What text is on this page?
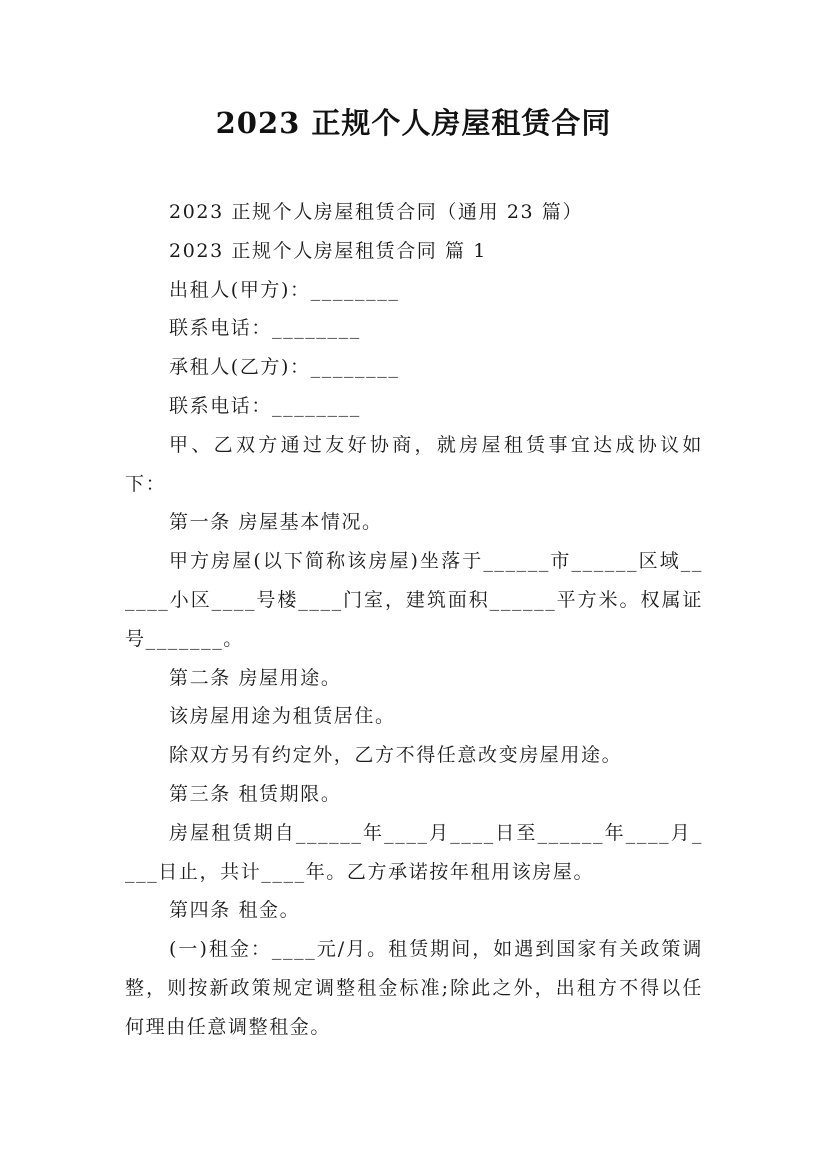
2023 正规个人房屋租赁合同

2023 正规个人房屋租赁合同（通用 23 篇）

2023 正规个人房屋租赁合同 篇 1

出租人(甲方)：________

联系电话：________

承租人(乙方)：________

联系电话：________

甲、乙双方通过友好协商，就房屋租赁事宜达成协议如下：

第一条 房屋基本情况。

甲方房屋(以下简称该房屋)坐落于______市______区域______小区____号楼____门室，建筑面积______平方米。权属证号_______。

第二条 房屋用途。

该房屋用途为租赁居住。

除双方另有约定外，乙方不得任意改变房屋用途。

第三条 租赁期限。

房屋租赁期自______年____月____日至______年____月____日止，共计____年。乙方承诺按年租用该房屋。

第四条 租金。

(一)租金：____元/月。租赁期间，如遇到国家有关政策调整，则按新政策规定调整租金标准;除此之外，出租方不得以任何理由任意调整租金。
